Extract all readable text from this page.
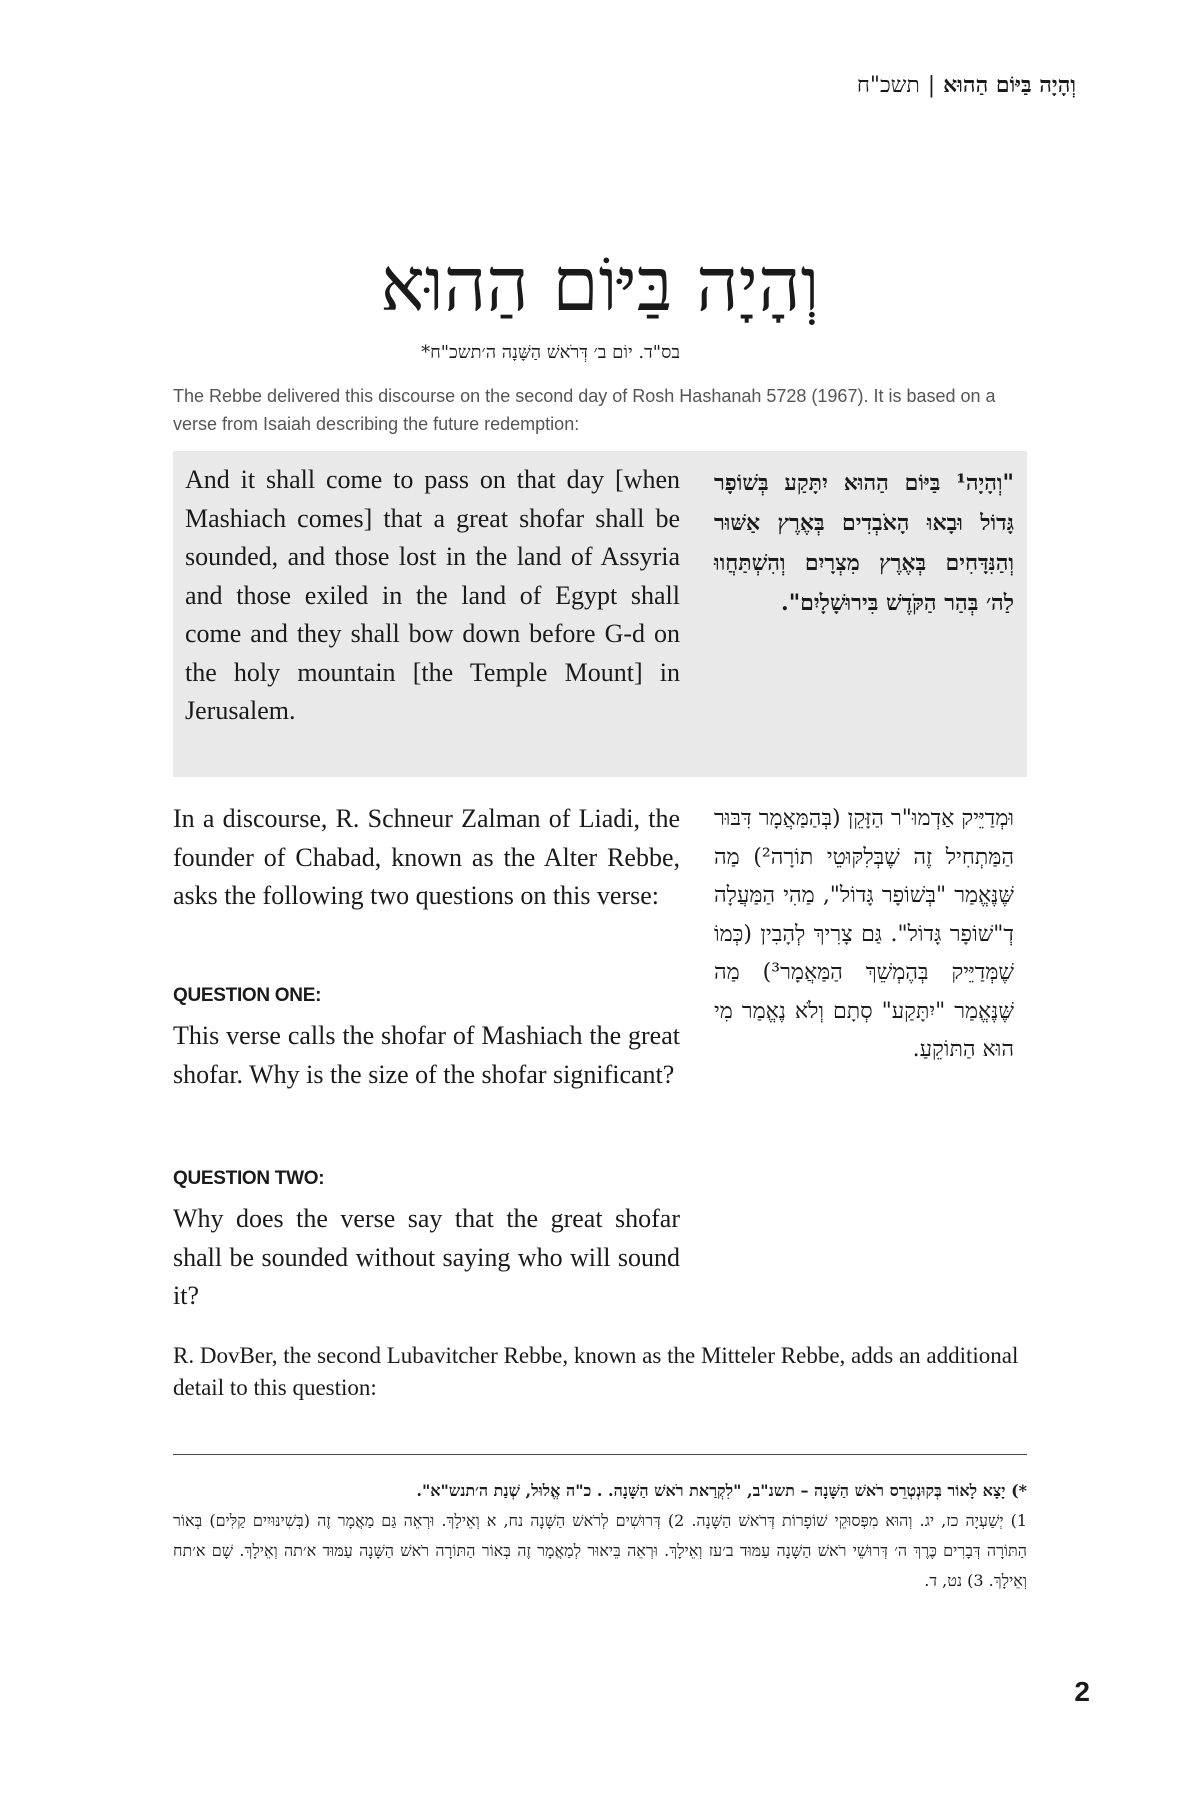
וְהָיָה בַּיּוֹם הַהוּא|תשכ"ח
וְהָיָה בַּיּוֹם הַהוּא
בס"ד. יוֹם ב׳ דְּרֹאשׁ הַשָּׁנָה ה׳תשכ"ח*
The Rebbe delivered this discourse on the second day of Rosh Hashanah 5728 (1967). It is based on a verse from Isaiah describing the future redemption:
And it shall come to pass on that day [when Mashiach comes] that a great shofar shall be sounded, and those lost in the land of Assyria and those exiled in the land of Egypt shall come and they shall bow down before G-d on the holy mountain [the Temple Mount] in Jerusalem.
"וְהָיָה¹ בַּיּוֹם הַהוּא יִתָּקַע בְּשׁוֹפָר גָּדוֹל וּבָאוּ הָאֹבְדִים בְּאֶרֶץ אַשּׁוּר וְהַנִּדָּחִים בְּאֶרֶץ מִצְרָיִם וְהִשְׁתַּחֲווּ לַה׳ בְּהַר הַקֹּדֶשׁ בִּירוּשָׁלָיִם".
In a discourse, R. Schneur Zalman of Liadi, the founder of Chabad, known as the Alter Rebbe, asks the following two questions on this verse:
QUESTION ONE:
This verse calls the shofar of Mashiach the great shofar. Why is the size of the shofar significant?
QUESTION TWO:
Why does the verse say that the great shofar shall be sounded without saying who will sound it?
וּמְדַיֵּיק אַדְמוּ"ר הַזָּקֵן (בְּהַמַּאֲמָר דִּבּוּר הַמַּתְחִיל זֶה שֶׁבְּלִקּוּטֵי תוֹרָה²) מַה שֶּׁנֶּאֱמַר "בְּשׁוֹפָר גָּדוֹל", מַהִי הַמַּעֲלָה דְ"שׁוֹפָר גָּדוֹל". גַּם צָרִיךְ לְהָבִין (כְּמוֹ שֶׁמְּדַיֵּיק בְּהֶמְשֵׁךְ הַמַּאֲמָר³) מַה שֶּׁנֶּאֱמַר "יִתָּקַע" סְתָם וְלֹא נֶאֱמַר מִי הוּא הַתּוֹקֵעַ.
R. DovBer, the second Lubavitcher Rebbe, known as the Mitteler Rebbe, adds an additional detail to this question:
*) יָצָא לָאוֹר בְּקוּנְטְרֵס רֹאשׁ הַשָּׁנָה – תשנ"ב, "לִקְרַאת רֹאשׁ הַשָּׁנָה. . כ"ה אֱלוּל, שְׁנַת ה׳תנש"א".
1) יְשַׁעְיָה כז, יג. וְהוּא מִפְּסוּקֵי שׁוֹפָרוֹת דְּרֹאשׁ הַשָּׁנָה. 2) דְּרוּשִׁים לְרֹאשׁ הַשָּׁנָה נח, א וְאֵילָךְ. וּרְאֵה גַּם מַאֲמָר זֶה (בְּשִׁינּוּיִים קַלִּים) בְּאוֹר הַתּוֹרָה דְּבָרִים כֶּרֶךְ ה׳ דְּרוּשֵׁי רֹאשׁ הַשָּׁנָה עַמּוּד ב׳עז וְאֵילָךְ. וּרְאֵה בֵּיאוּר לְמַאֲמָר זֶה בְּאוֹר הַתּוֹרָה רֹאשׁ הַשָּׁנָה עַמּוּד א׳תה וְאֵילָךְ. שָׁם א׳תח וְאֵילָךְ. 3) נט, ד.
2
